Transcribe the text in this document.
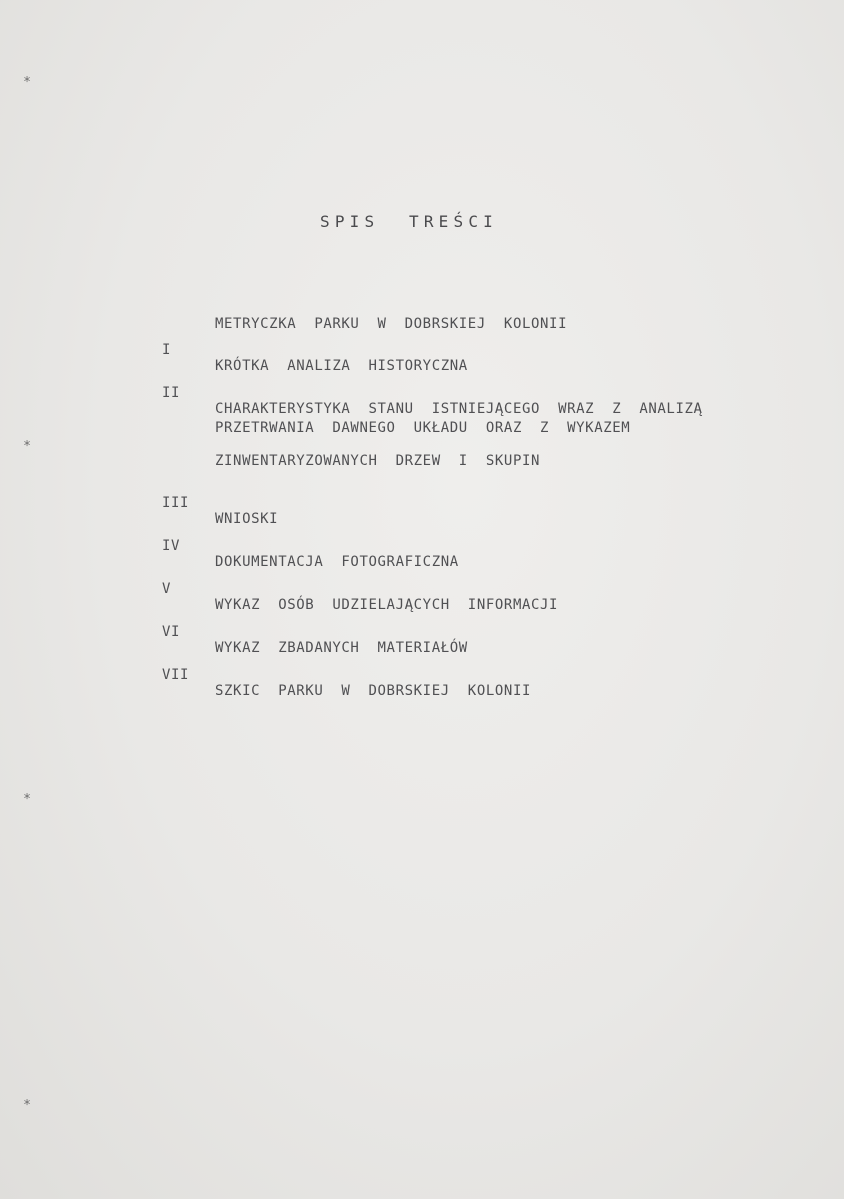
*
*
*
*
SPIS  TREŚCI

METRYCZKA  PARKU  W  DOBRSKIEJ  KOLONII

I

KRÓTKA  ANALIZA  HISTORYCZNA

II

CHARAKTERYSTYKA  STANU  ISTNIEJĄCEGO  WRAZ  Z  ANALIZĄ

PRZETRWANIA  DAWNEGO  UKŁADU  ORAZ  Z  WYKAZEM

ZINWENTARYZOWANYCH  DRZEW  I  SKUPIN

III

WNIOSKI

IV

DOKUMENTACJA  FOTOGRAFICZNA

V

WYKAZ  OSÓB  UDZIELAJĄCYCH  INFORMACJI

VI

WYKAZ  ZBADANYCH  MATERIAŁÓW

VII

SZKIC  PARKU  W  DOBRSKIEJ  KOLONII
